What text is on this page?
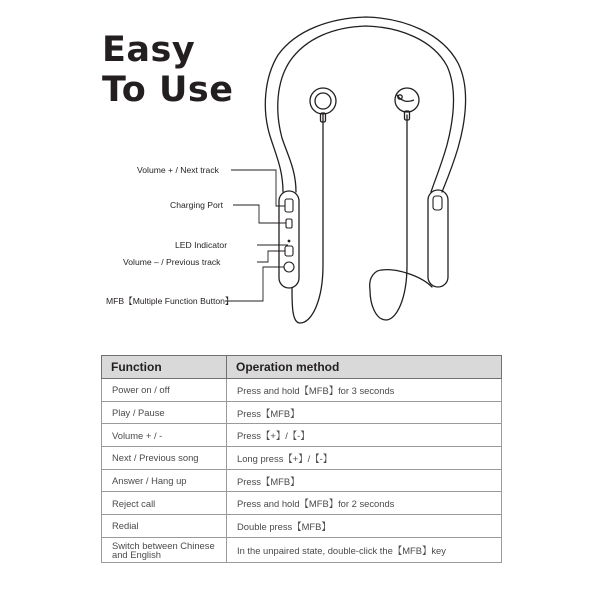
Easy
To Use
Volume + / Next track
Charging Port
LED Indicator
Volume – / Previous track
MFB【Multiple Function Button】
Function	Operation method
Power on / off	Press and hold【MFB】for 3 seconds
Play / Pause	Press【MFB】
Volume + / -	Press【+】/【-】
Next / Previous song	Long press【+】/【-】
Answer / Hang up	Press【MFB】
Reject call	Press and hold【MFB】for 2 seconds
Redial	Double press【MFB】
Switch between Chinese and English	In the unpaired state, double-click the【MFB】key
